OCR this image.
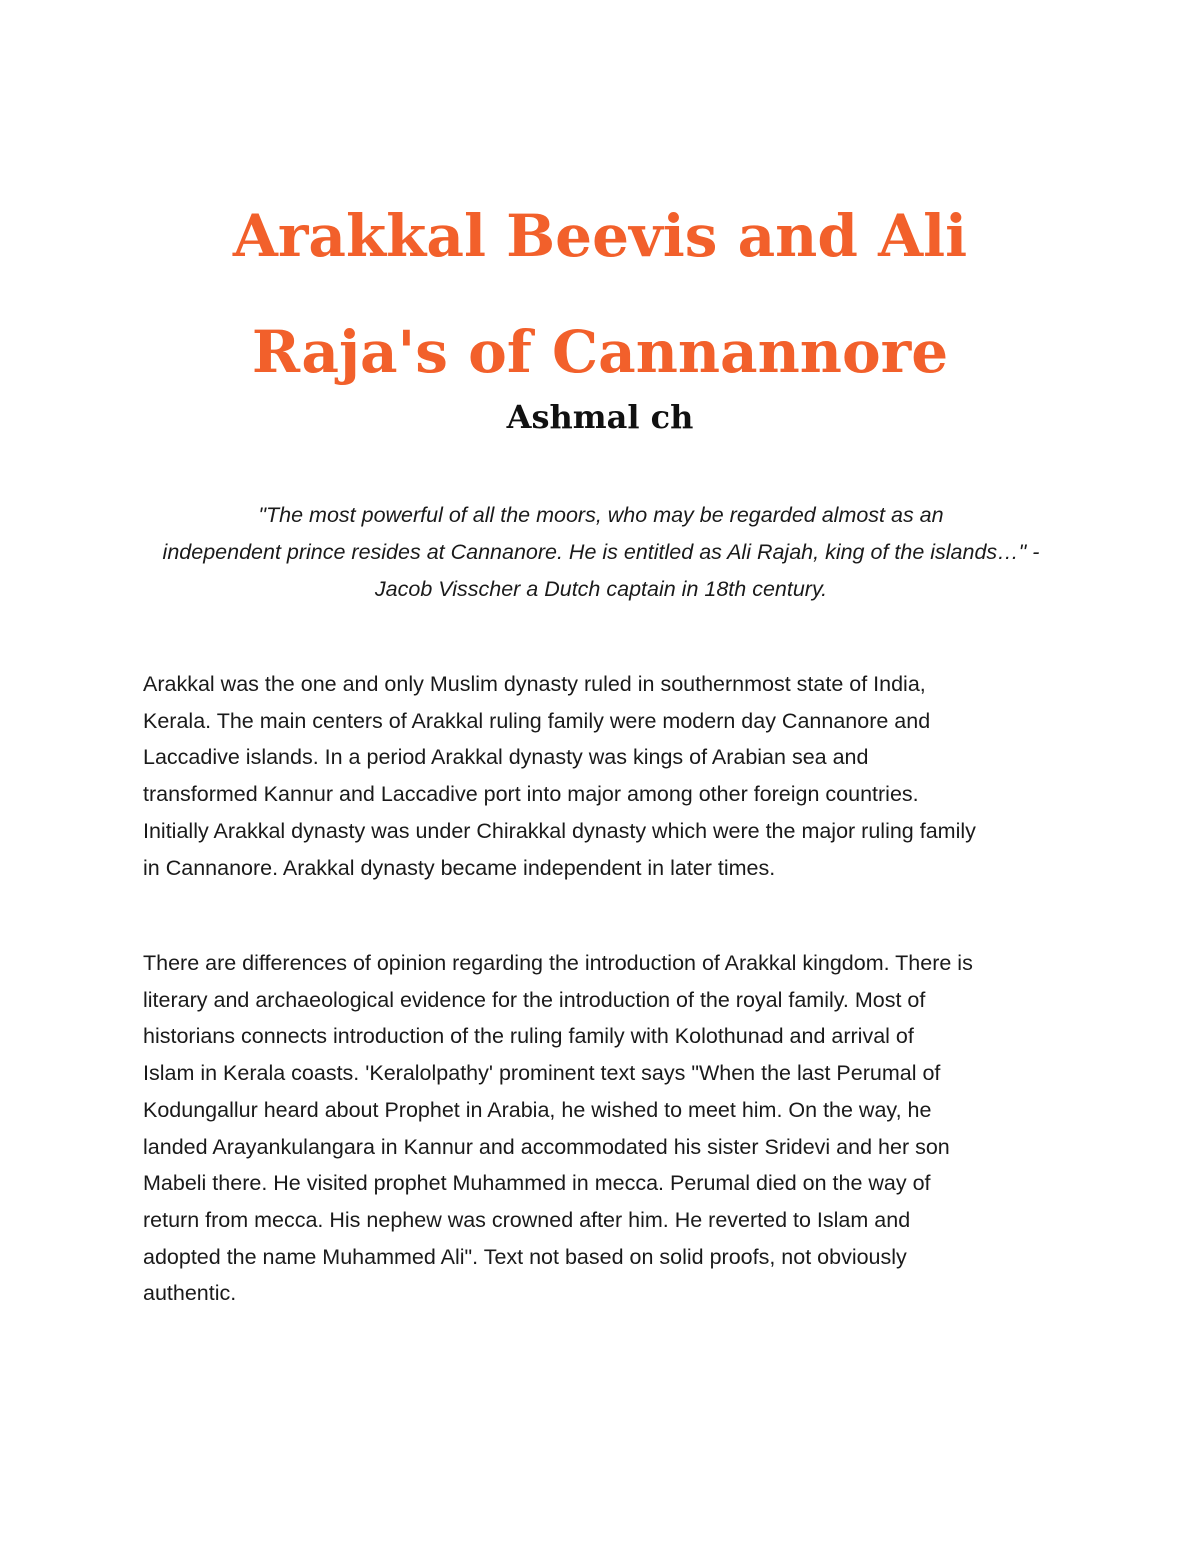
Arakkal Beevis and Ali
Raja's of Cannannore
Ashmal ch

"The most powerful of all the moors, who may be regarded almost as an
independent prince resides at Cannanore. He is entitled as Ali Rajah, king of the islands…" -
Jacob Visscher a Dutch captain in 18th century.

Arakkal was the one and only Muslim dynasty ruled in southernmost state of India,
Kerala. The main centers of Arakkal ruling family were modern day Cannanore and
Laccadive islands. In a period Arakkal dynasty was kings of Arabian sea and
transformed Kannur and Laccadive port into major among other foreign countries.
Initially Arakkal dynasty was under Chirakkal dynasty which were the major ruling family
in Cannanore. Arakkal dynasty became independent in later times.

There are differences of opinion regarding the introduction of Arakkal kingdom. There is
literary and archaeological evidence for the introduction of the royal family. Most of
historians connects introduction of the ruling family with Kolothunad and arrival of
Islam in Kerala coasts. 'Keralolpathy' prominent text says "When the last Perumal of
Kodungallur heard about Prophet in Arabia, he wished to meet him. On the way, he
landed Arayankulangara in Kannur and accommodated his sister Sridevi and her son
Mabeli there. He visited prophet Muhammed in mecca. Perumal died on the way of
return from mecca. His nephew was crowned after him. He reverted to Islam and
adopted the name Muhammed Ali". Text not based on solid proofs, not obviously
authentic.
